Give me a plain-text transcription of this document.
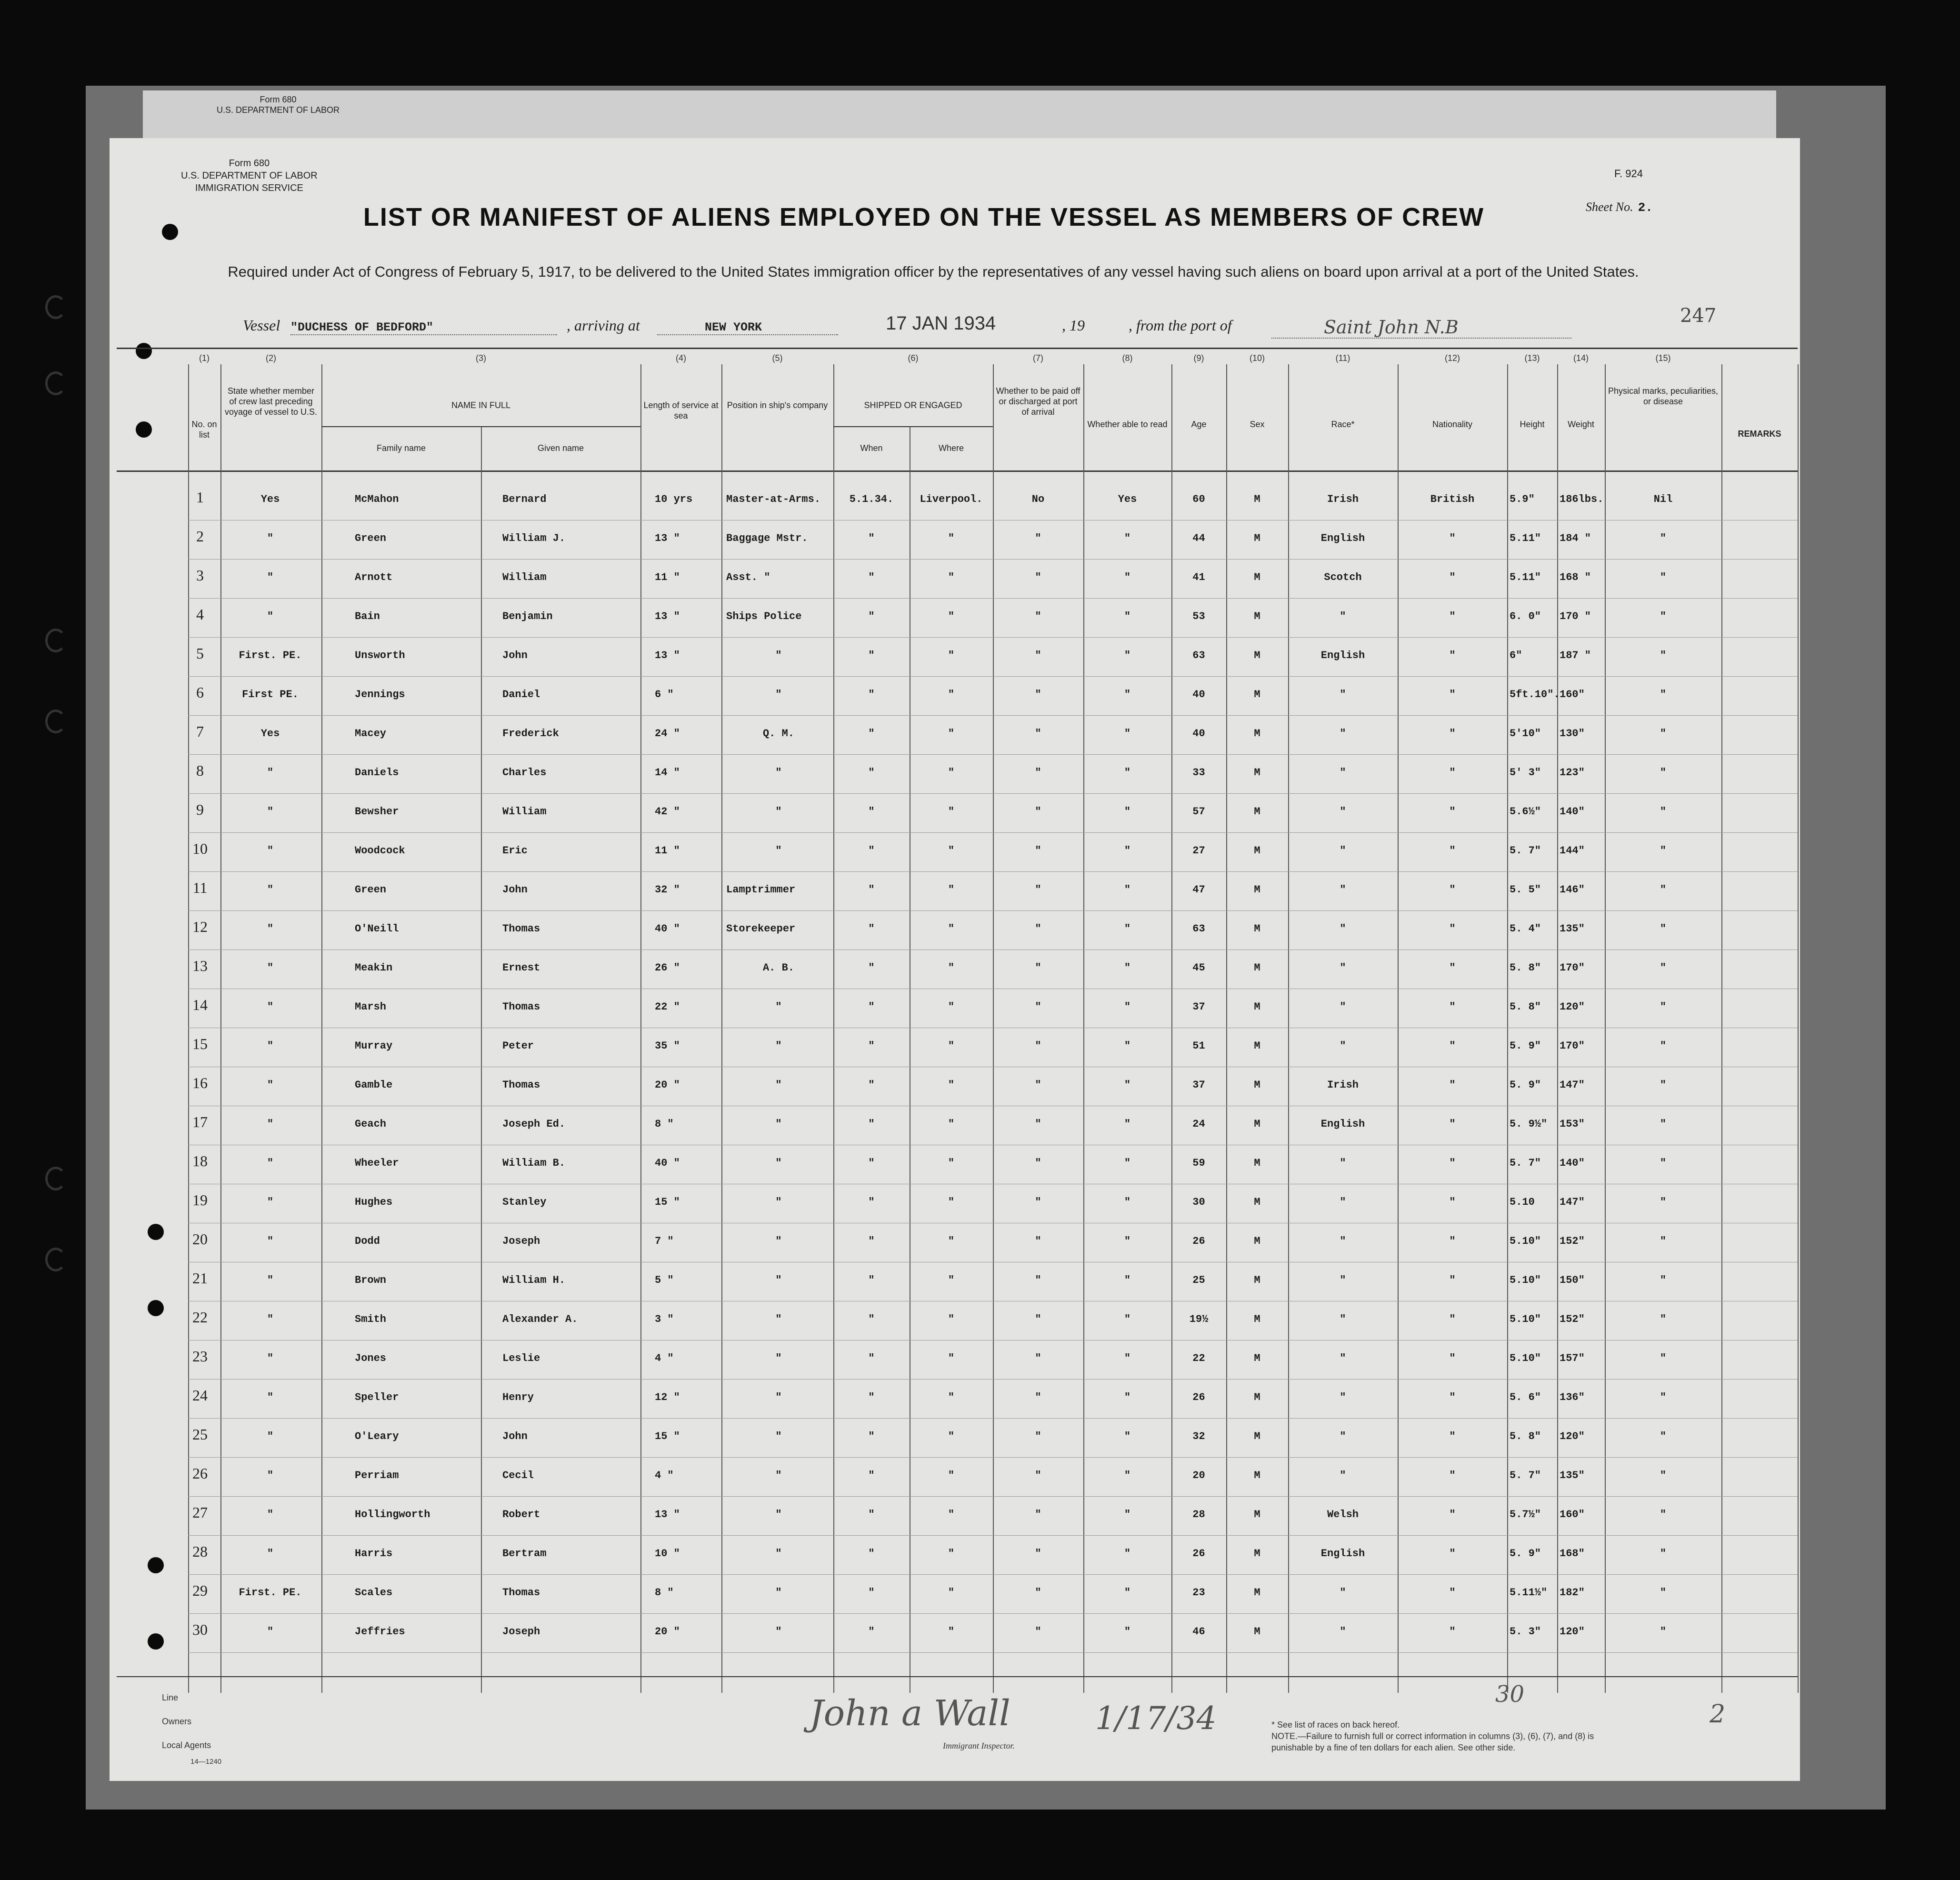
Form 680
U.S. DEPARTMENT OF LABOR
Form 680
U.S. DEPARTMENT OF LABOR
IMMIGRATION SERVICE
F. 924
Sheet No. 2.
LIST OR MANIFEST OF ALIENS EMPLOYED ON THE VESSEL AS MEMBERS OF CREW
Required under Act of Congress of February 5, 1917, to be delivered to the United States immigration officer by the representatives of any vessel having such aliens on board upon arrival at a port of the United States.
Vessel "DUCHESS OF BEDFORD"	, arriving at	NEW YORK	17 JAN 1934	, 19	, from the port of	Saint John N.B
247
(1)
No. on list
(2)
State whether member of crew last preceding voyage of vessel to U.S.
(3)
NAME IN FULL
Family name	Given name
(4)
Length of service at sea
(5)
Position in ship's company
(6)
SHIPPED OR ENGAGED
When	Where
(7)
Whether to be paid off or discharged at port of arrival
(8)
Whether able to read
(9)
Age
(10)
Sex
(11)
Race*
(12)
Nationality
(13)
Height
(14)
Weight
(15)
Physical marks, peculiarities, or disease
REMARKS
1	Yes	McMahon	Bernard	10 yrs	Master-at-Arms.	5.1.34.	Liverpool.	No	Yes	60	M	Irish	British	5.9"	186lbs.	Nil
2	"	Green	William J.	13 "	Baggage Mstr.	"	"	"	"	44	M	English	"	5.11"	184 "	"
3	"	Arnott	William	11 "	Asst. "	"	"	"	"	41	M	Scotch	"	5.11"	168 "	"
4	"	Bain	Benjamin	13 "	Ships Police	"	"	"	"	53	M	"	"	6. 0"	170 "	"
5	First. PE.	Unsworth	John	13 "	"	"	"	"	"	63	M	English	"	6"	187 "	"
6	First PE.	Jennings	Daniel	6 "	"	"	"	"	"	40	M	"	"	5ft.10". 160"	"
7	Yes	Macey	Frederick	24 "	Q. M.	"	"	"	"	40	M	"	"	5'10"	130"	"
8	"	Daniels	Charles	14 "	"	"	"	"	"	33	M	"	"	5' 3"	123"	"
9	"	Bewsher	William	42 "	"	"	"	"	"	57	M	"	"	5.6½"	140"	"
10	"	Woodcock	Eric	11 "	"	"	"	"	"	27	M	"	"	5. 7"	144"	"
11	"	Green	John	32 "	Lamptrimmer	"	"	"	"	47	M	"	"	5. 5"	146"	"
12	"	O'Neill	Thomas	40 "	Storekeeper	"	"	"	"	63	M	"	"	5. 4"	135"	"
13	"	Meakin	Ernest	26 "	A. B.	"	"	"	"	45	M	"	"	5. 8"	170"	"
14	"	Marsh	Thomas	22 "	"	"	"	"	"	37	M	"	"	5. 8"	120"	"
15	"	Murray	Peter	35 "	"	"	"	"	"	51	M	"	"	5. 9"	170"	"
16	"	Gamble	Thomas	20 "	"	"	"	"	"	37	M	Irish	"	5. 9"	147"	"
17	"	Geach	Joseph Ed.	8 "	"	"	"	"	"	24	M	English	"	5. 9½"	153"	"
18	"	Wheeler	William B.	40 "	"	"	"	"	"	59	M	"	"	5. 7"	140"	"
19	"	Hughes	Stanley	15 "	"	"	"	"	"	30	M	"	"	5.10	147"	"
20	"	Dodd	Joseph	7 "	"	"	"	"	"	26	M	"	"	5.10"	152"	"
21	"	Brown	William H.	5 "	"	"	"	"	"	25	M	"	"	5.10"	150"	"
22	"	Smith	Alexander A.	3 "	"	"	"	"	"	19½	M	"	"	5.10"	152"	"
23	"	Jones	Leslie	4 "	"	"	"	"	"	22	M	"	"	5.10"	157"	"
24	"	Speller	Henry	12 "	"	"	"	"	"	26	M	"	"	5. 6"	136"	"
25	"	O'Leary	John	15 "	"	"	"	"	"	32	M	"	"	5. 8"	120"	"
26	"	Perriam	Cecil	4 "	"	"	"	"	"	20	M	"	"	5. 7"	135"	"
27	"	Hollingworth	Robert	13 "	"	"	"	"	"	28	M	Welsh	"	5.7½"	160"	"
28	"	Harris	Bertram	10 "	"	"	"	"	"	26	M	English	"	5. 9"	168"	"
29	First. PE.	Scales	Thomas	8 "	"	"	"	"	"	23	M	"	"	5.11½"	182"	"
30	"	Jeffries	Joseph	20 "	"	"	"	"	"	46	M	"	"	5. 3"	120"	"
Line
Owners
Local Agents
14—1240
John a Wall	1/17/34
Immigrant Inspector.
* See list of races on back hereof.
NOTE.—Failure to furnish full or correct information in columns (3), (6), (7), and (8) is punishable by a fine of ten dollars for each alien. See other side.
30
2
